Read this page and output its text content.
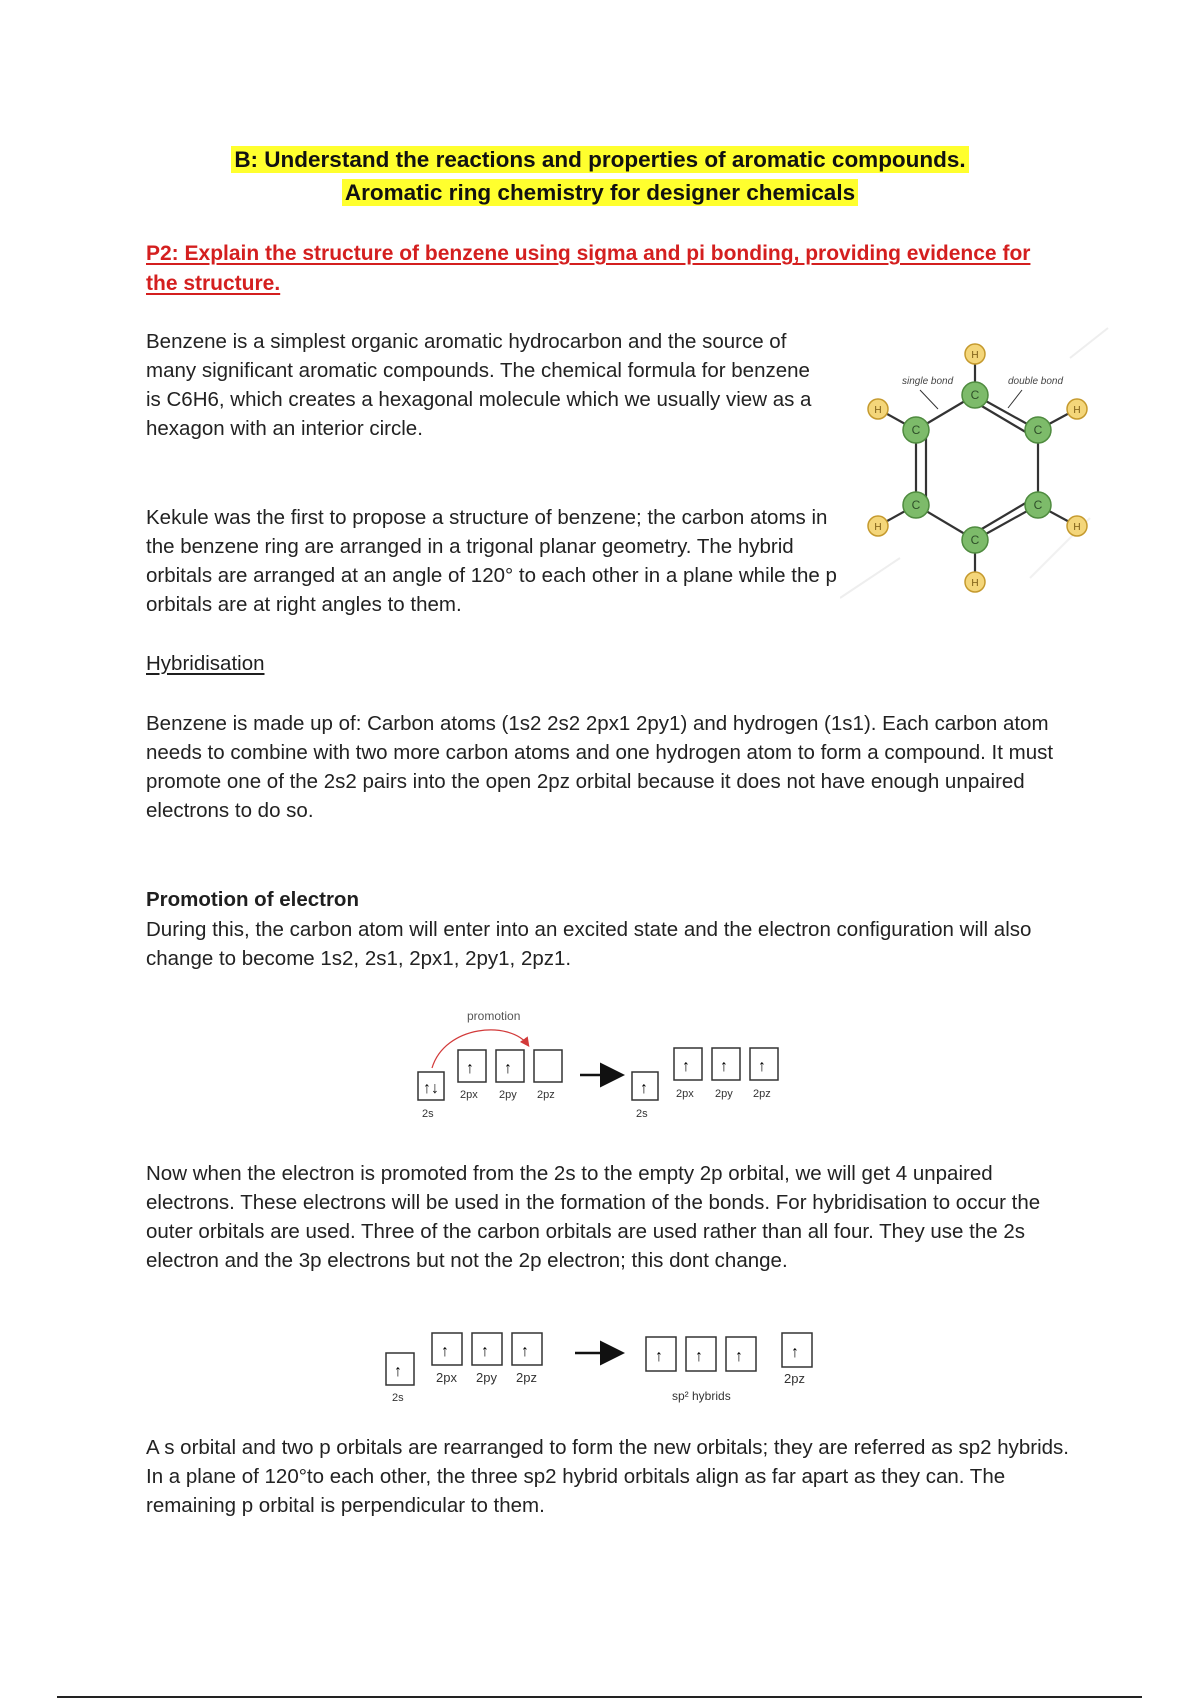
B: Understand the reactions and properties of aromatic compounds.
Aromatic ring chemistry for designer chemicals
P2: Explain the structure of benzene using sigma and pi bonding, providing evidence for the structure.
Benzene is a simplest organic aromatic hydrocarbon and the source of many significant aromatic compounds. The chemical formula for benzene is C6H6, which creates a hexagonal molecule which we usually view as a hexagon with an interior circle.
Kekule was the first to propose a structure of benzene; the carbon atoms in the benzene ring are arranged in a trigonal planar geometry. The hybrid orbitals are arranged at an angle of 120° to each other in a plane while the p orbitals are at right angles to them.
single bond	double bond
C
C	C
C	C
C
H
H	H
H	H
H
Hybridisation
Benzene is made up of: Carbon atoms (1s2 2s2 2px1 2py1) and hydrogen (1s1). Each carbon atom needs to combine with two more carbon atoms and one hydrogen atom to form a compound. It must promote one of the 2s2 pairs into the open 2pz orbital because it does not have enough unpaired electrons to do so.
Promotion of electron
During this, the carbon atom will enter into an excited state and the electron configuration will also change to become 1s2, 2s1, 2px1, 2py1, 2pz1.
promotion
↑↓
2s
↑ ↑
2px 2py 2pz	↑
2s
↑ ↑ ↑
2px 2py 2pz
Now when the electron is promoted from the 2s to the empty 2p orbital, we will get 4 unpaired electrons. These electrons will be used in the formation of the bonds. For hybridisation to occur the outer orbitals are used. Three of the carbon orbitals are used rather than all four. They use the 2s electron and the 3p electrons but not the 2p electron; this dont change.
↑
2s
↑ ↑ ↑
2px 2py 2pz
↑ ↑ ↑
sp² hybrids
↑
2pz
A s orbital and two p orbitals are rearranged to form the new orbitals; they are referred as sp2 hybrids. In a plane of 120°to each other, the three sp2 hybrid orbitals align as far apart as they can. The remaining p orbital is perpendicular to them.
